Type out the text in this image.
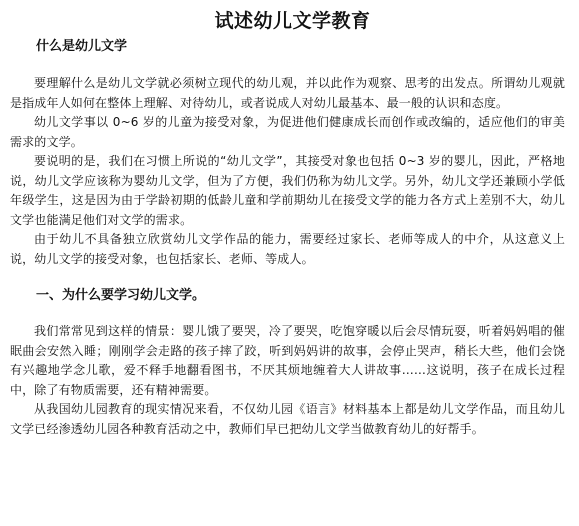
试述幼儿文学教育
什么是幼儿文学

要理解什么是幼儿文学就必须树立现代的幼儿观，并以此作为观察、思考的出发点。所谓幼儿观就是指成年人如何在整体上理解、对待幼儿，或者说成人对幼儿最基本、最一般的认识和态度。

幼儿文学事以 0~6 岁的儿童为接受对象，为促进他们健康成长而创作或改编的，适应他们的审美需求的文学。

要说明的是，我们在习惯上所说的“幼儿文学”，其接受对象也包括 0~3 岁的婴儿，因此，严格地说，幼儿文学应该称为婴幼儿文学，但为了方便，我们仍称为幼儿文学。另外，幼儿文学还兼顾小学低年级学生，这是因为由于学龄初期的低龄儿童和学前期幼儿在接受文学的能力各方式上差别不大，幼儿文学也能满足他们对文学的需求。

由于幼儿不具备独立欣赏幼儿文学作品的能力，需要经过家长、老师等成人的中介，从这意义上说，幼儿文学的接受对象，也包括家长、老师、等成人。

一、为什么要学习幼儿文学。

我们常常见到这样的情景：婴儿饿了要哭，冷了要哭，吃饱穿暖以后会尽情玩耍，听着妈妈唱的催眠曲会安然入睡；刚刚学会走路的孩子摔了跤，听到妈妈讲的故事，会停止哭声，稍长大些，他们会饶有兴趣地学念儿歌，爱不释手地翻看图书，不厌其烦地缠着大人讲故事……这说明，孩子在成长过程中，除了有物质需要，还有精神需要。

从我国幼儿园教育的现实情况来看，不仅幼儿园《语言》材料基本上都是幼儿文学作品，而且幼儿文学已经渗透幼儿园各种教育活动之中，教师们早已把幼儿文学当做教育幼儿的好帮手。
